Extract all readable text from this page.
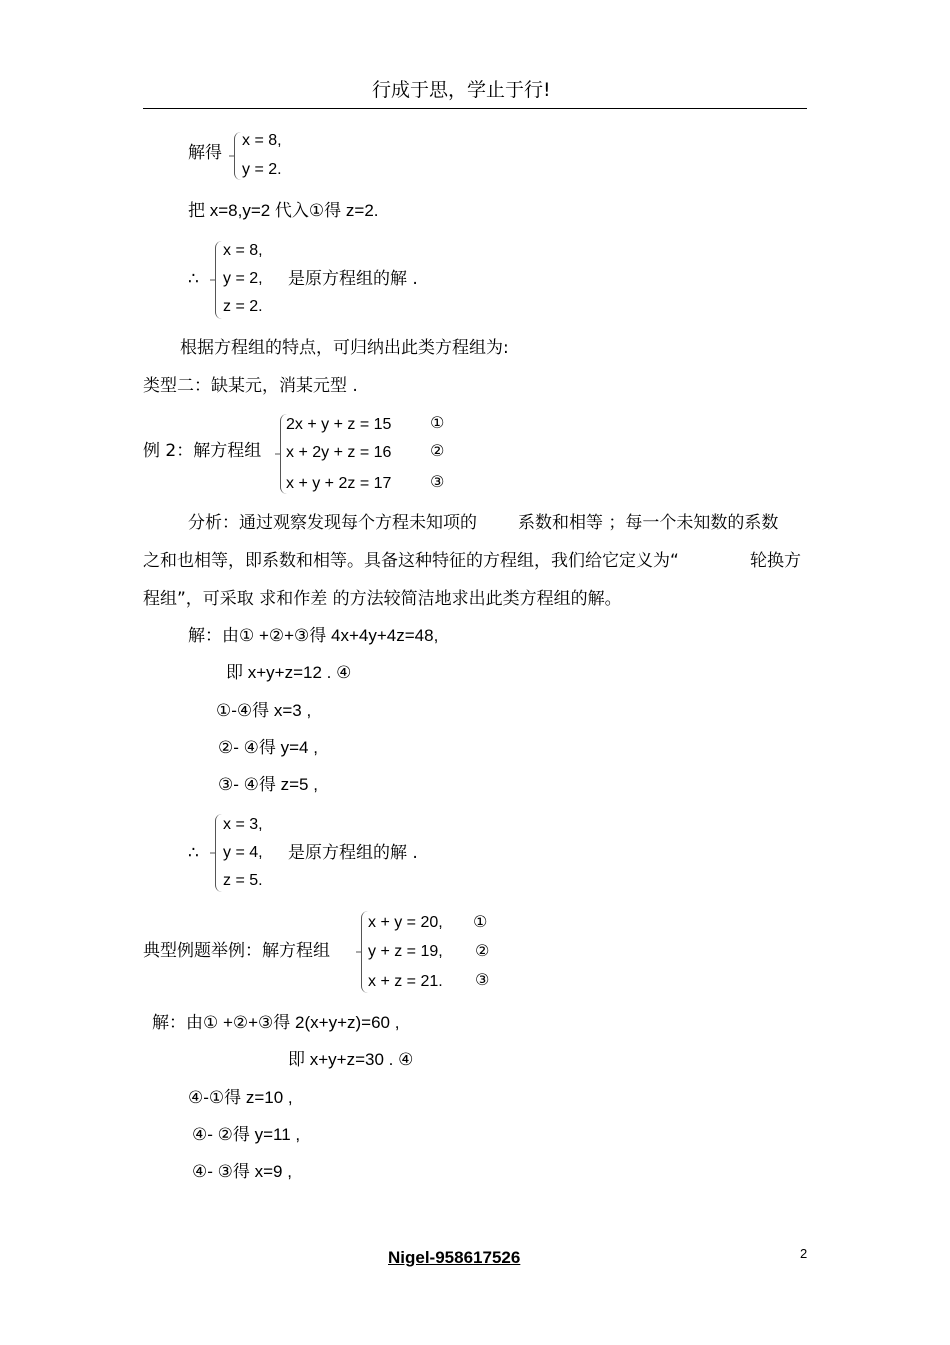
行成于思，学止于行!
解得
x = 8,
y = 2.
把 x=8,y=2 代入①得 z=2.
∴
x = 8,
y = 2,
z = 2.
是原方程组的解 .
根据方程组的特点，可归纳出此类方程组为:
类型二：缺某元，消某元型 .
例 2：解方程组
2x + y + z = 15
x + 2y + z = 16
x + y + 2z = 17
①
②
③
分析：通过观察发现每个方程未知项的 系数和相等 ；每一个未知数的系数
之和也相等，即系数和相等。具备这种特征的方程组，我们给它定义为“	轮换方
程组”，可采取 求和作差 的方法较简洁地求出此类方程组的解。
解：由① +②+③得 4x+4y+4z=48,
即 x+y+z=12 . ④
①-④得 x=3 ,
②- ④得 y=4 ,
③- ④得 z=5 ,
∴
x = 3,
y = 4,
z = 5.
是原方程组的解 .
典型例题举例：解方程组
x + y = 20,
y + z = 19,
x + z = 21.
①
②
③
解：由① +②+③得 2(x+y+z)=60 ,
即 x+y+z=30 . ④
④-①得 z=10 ,
④- ②得 y=11 ,
④- ③得 x=9 ,
Nigel-958617526	2
